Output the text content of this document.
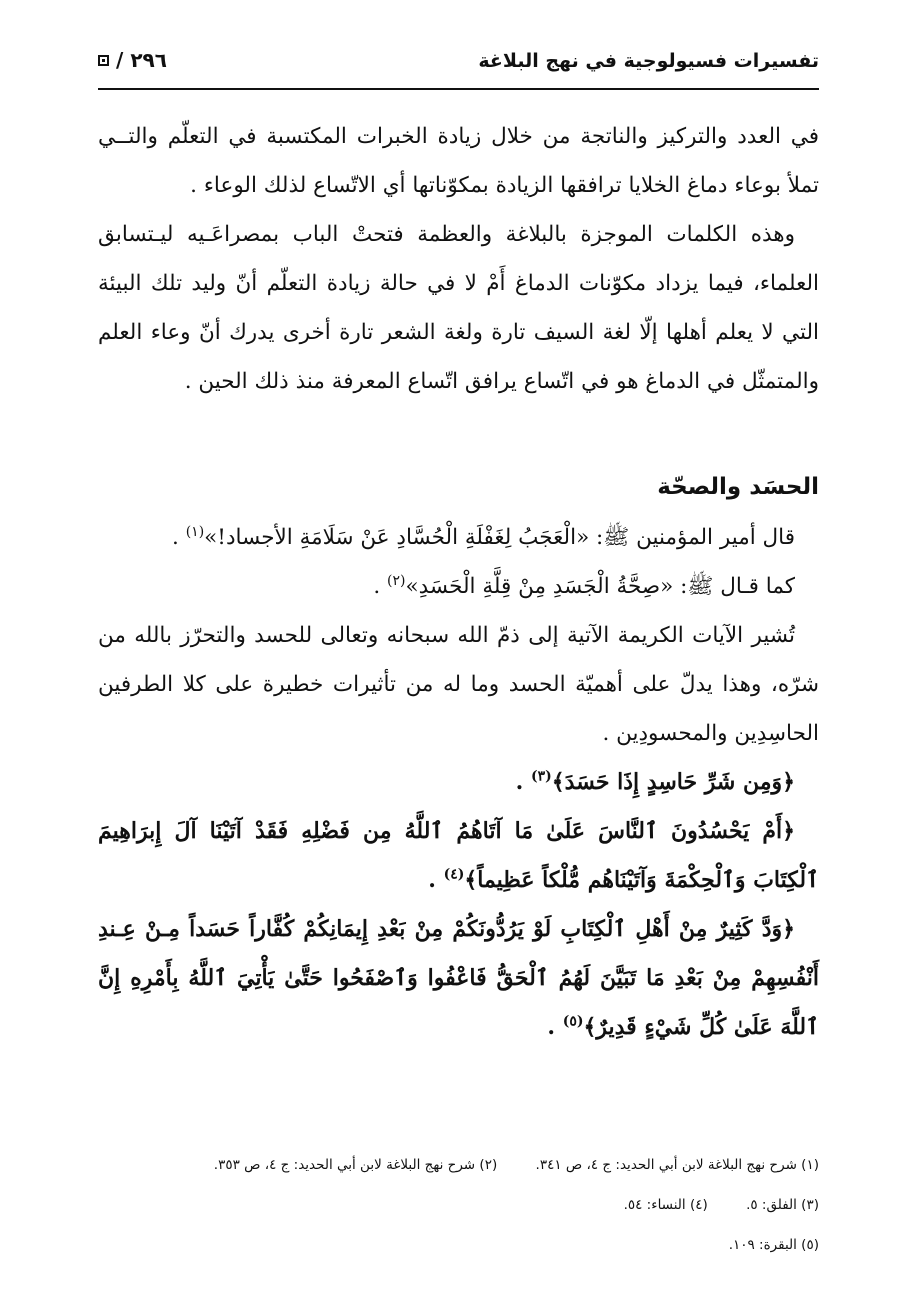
تفسيرات فسيولوجية في نهج البلاغة
/ ٢٩٦

في العدد والتركيز والناتجة من خلال زيادة الخبرات المكتسبة في التعلّم والتــي تملأ بوعاء دماغ الخلايا ترافقها الزيادة بمكوّناتها أي الاتّساع لذلك الوعاء .

وهذه الكلمات الموجزة بالبلاغة والعظمة فتحتْ الباب بمصراعَـيه ليـتسابق العلماء، فيما يزداد مكوّنات الدماغ أَمْ لا في حالة زيادة التعلّم أنّ وليد تلك البيئة التي لا يعلم أهلها إلّا لغة السيف تارة ولغة الشعر تارة أخرى يدرك أنّ وعاء العلم والمتمثّل في الدماغ هو في اتّساع يرافق اتّساع المعرفة منذ ذلك الحين .

الحسَد والصحّة

قال أمير المؤمنين ﷺ: «الْعَجَبُ لِغَفْلَةِ الْحُسَّادِ عَنْ سَلَامَةِ الأجساد!»$^{(١)}$ .

كما قـال ﷺ: «صِحَّةُ الْجَسَدِ مِنْ قِلَّةِ الْحَسَدِ»$^{(٢)}$ .

تُشير الآيات الكريمة الآتية إلى ذمّ الله سبحانه وتعالى للحسد والتحرّز بالله من شرّه، وهذا يدلّ على أهميّة الحسد وما له من تأثيرات خطيرة على كلا الطرفين الحاسِدِين والمحسودِين .

﴿وَمِن شَرِّ حَاسِدٍ إِذَا حَسَدَ﴾$^{(٣)}$ .

﴿أَمْ يَحْسُدُونَ ٱلنَّاسَ عَلَىٰ مَا آتَاهُمُ ٱللَّهُ مِن فَضْلِهِ فَقَدْ آتَيْنَا آلَ إِبرَاهِيمَ ٱلْكِتَابَ وَٱلْحِكْمَةَ وَآتَيْنَاهُم مُّلْكاً عَظِيماً﴾$^{(٤)}$ .

﴿وَدَّ كَثِيرٌ مِنْ أَهْلِ ٱلْكِتَابِ لَوْ يَرُدُّونَكُمْ مِنْ بَعْدِ إِيمَانِكُمْ كُفَّاراً حَسَداً مِـنْ عِـندِ أَنْفُسِهِمْ مِنْ بَعْدِ مَا تَبَيَّنَ لَهُمُ ٱلْحَقُّ فَاعْفُوا وَٱصْفَحُوا حَتَّىٰ يَأْتِيَ ٱللَّهُ بِأَمْرِهِ إِنَّ ٱللَّهَ عَلَىٰ كُلِّ شَيْءٍ قَدِيرٌ﴾$^{(٥)}$ .

(١) شرح نهج البلاغة لابن أبي الحديد: ج ٤، ص ٣٤١. (٢) شرح نهج البلاغة لابن أبي الحديد: ج ٤، ص ٣٥٣.
(٣) الفلق: ٥. (٤) النساء: ٥٤.
(٥) البقرة: ١٠٩.
